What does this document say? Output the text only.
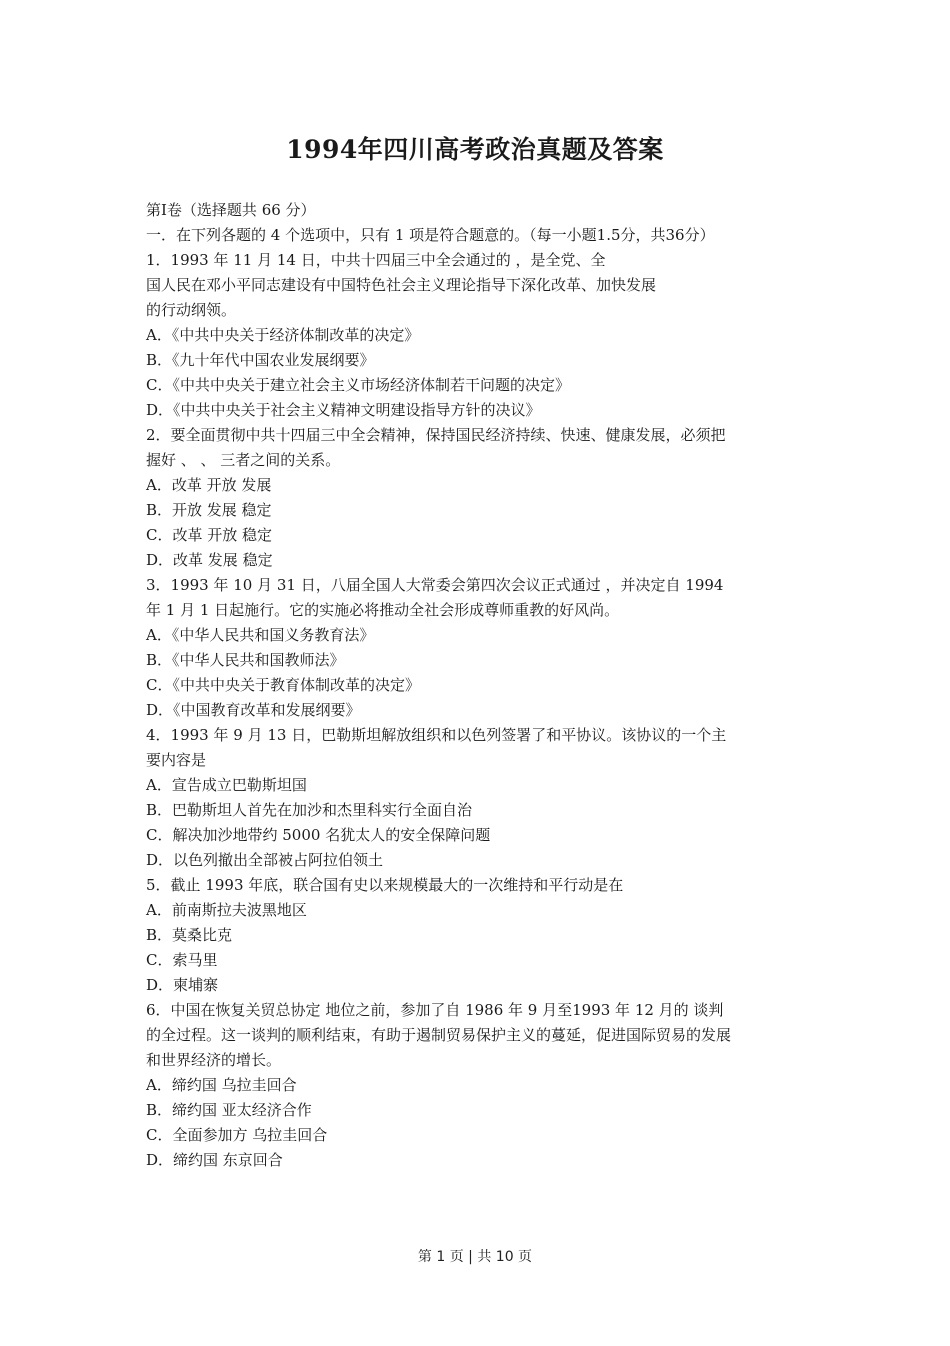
1994年四川高考政治真题及答案
第Ⅰ卷（选择题共 66 分）
一．在下列各题的 4 个选项中，只有 1 项是符合题意的。（每一小题1.5分，共36分）
1．1993 年 11 月 14 日，中共十四届三中全会通过的 ，是全党、全
国人民在邓小平同志建设有中国特色社会主义理论指导下深化改革、加快发展
的行动纲领。
A．《中共中央关于经济体制改革的决定》
B．《九十年代中国农业发展纲要》
C．《中共中央关于建立社会主义市场经济体制若干问题的决定》
D．《中共中央关于社会主义精神文明建设指导方针的决议》
2．要全面贯彻中共十四届三中全会精神，保持国民经济持续、快速、健康发展，必须把
握好 、 、 三者之间的关系。
A．改革 开放 发展
B．开放 发展 稳定
C．改革 开放 稳定
D．改革 发展 稳定
3．1993 年 10 月 31 日，八届全国人大常委会第四次会议正式通过 ，并决定自 1994
年 1 月 1 日起施行。它的实施必将推动全社会形成尊师重教的好风尚。
A．《中华人民共和国义务教育法》
B．《中华人民共和国教师法》
C．《中共中央关于教育体制改革的决定》
D．《中国教育改革和发展纲要》
4．1993 年 9 月 13 日，巴勒斯坦解放组织和以色列签署了和平协议。该协议的一个主
要内容是
A．宣告成立巴勒斯坦国
B．巴勒斯坦人首先在加沙和杰里科实行全面自治
C．解决加沙地带约 5000 名犹太人的安全保障问题
D．以色列撤出全部被占阿拉伯领土
5．截止 1993 年底，联合国有史以来规模最大的一次维持和平行动是在
A．前南斯拉夫波黑地区
B．莫桑比克
C．索马里
D．柬埔寨
6．中国在恢复关贸总协定 地位之前，参加了自 1986 年 9 月至1993 年 12 月的 谈判
的全过程。这一谈判的顺利结束，有助于遏制贸易保护主义的蔓延，促进国际贸易的发展
和世界经济的增长。
A．缔约国 乌拉圭回合
B．缔约国 亚太经济合作
C．全面参加方 乌拉圭回合
D．缔约国 东京回合
第 1 页 | 共 10 页
